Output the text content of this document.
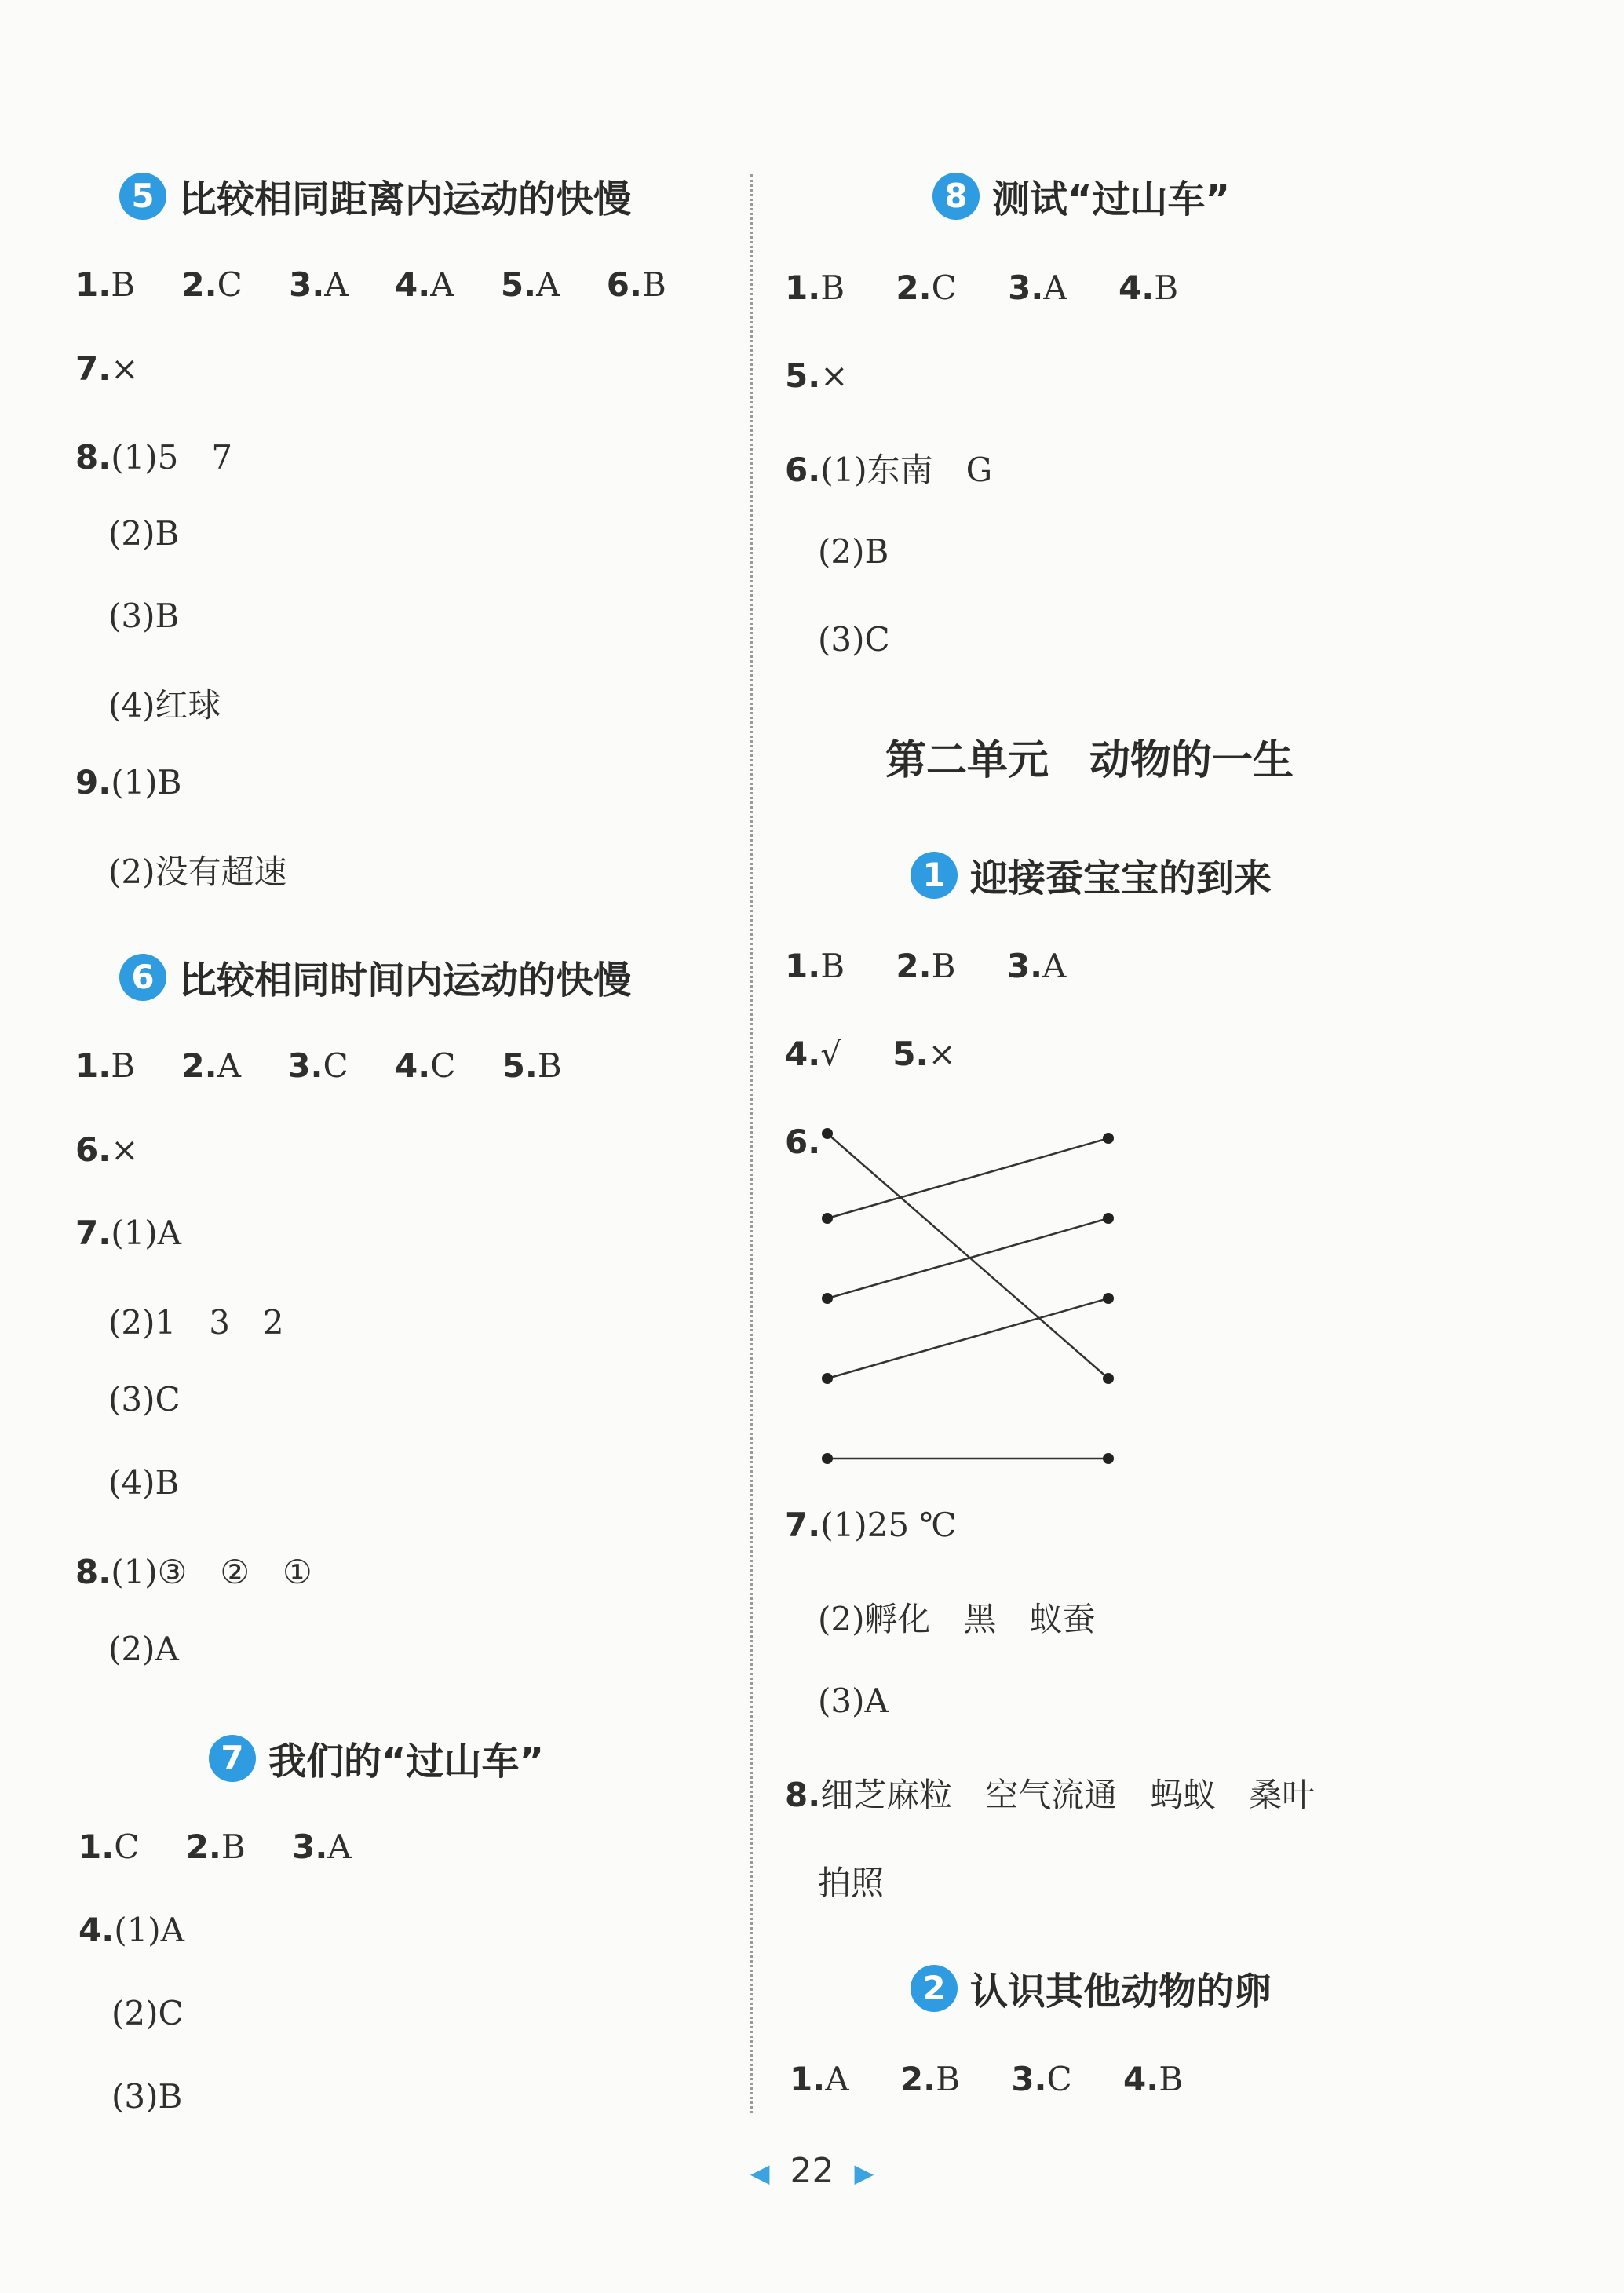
5 比较相同距离内运动的快慢
1.B 2.C 3.A 4.A 5.A 6.B
7.×
8.(1)5　7
(2)B
(3)B
(4)红球
9.(1)B
(2)没有超速
6 比较相同时间内运动的快慢
1.B 2.A 3.C 4.C 5.B
6.×
7.(1)A
(2)1　3　2
(3)C
(4)B
8.(1)③　②　①
(2)A
7 我们的“过山车”
1.C 2.B 3.A
4.(1)A
(2)C
(3)B
8 测试“过山车”
1.B 2.C 3.A 4.B
5.×
6.(1)东南　G
(2)B
(3)C
第二单元　动物的一生
1 迎接蚕宝宝的到来
1.B 2.B 3.A
4.√ 5.×
6.
7.(1)25 ℃
(2)孵化　黑　蚁蚕
(3)A
8.细芝麻粒　空气流通　蚂蚁　桑叶
拍照
2 认识其他动物的卵
1.A 2.B 3.C 4.B
◀ 22 ▶
